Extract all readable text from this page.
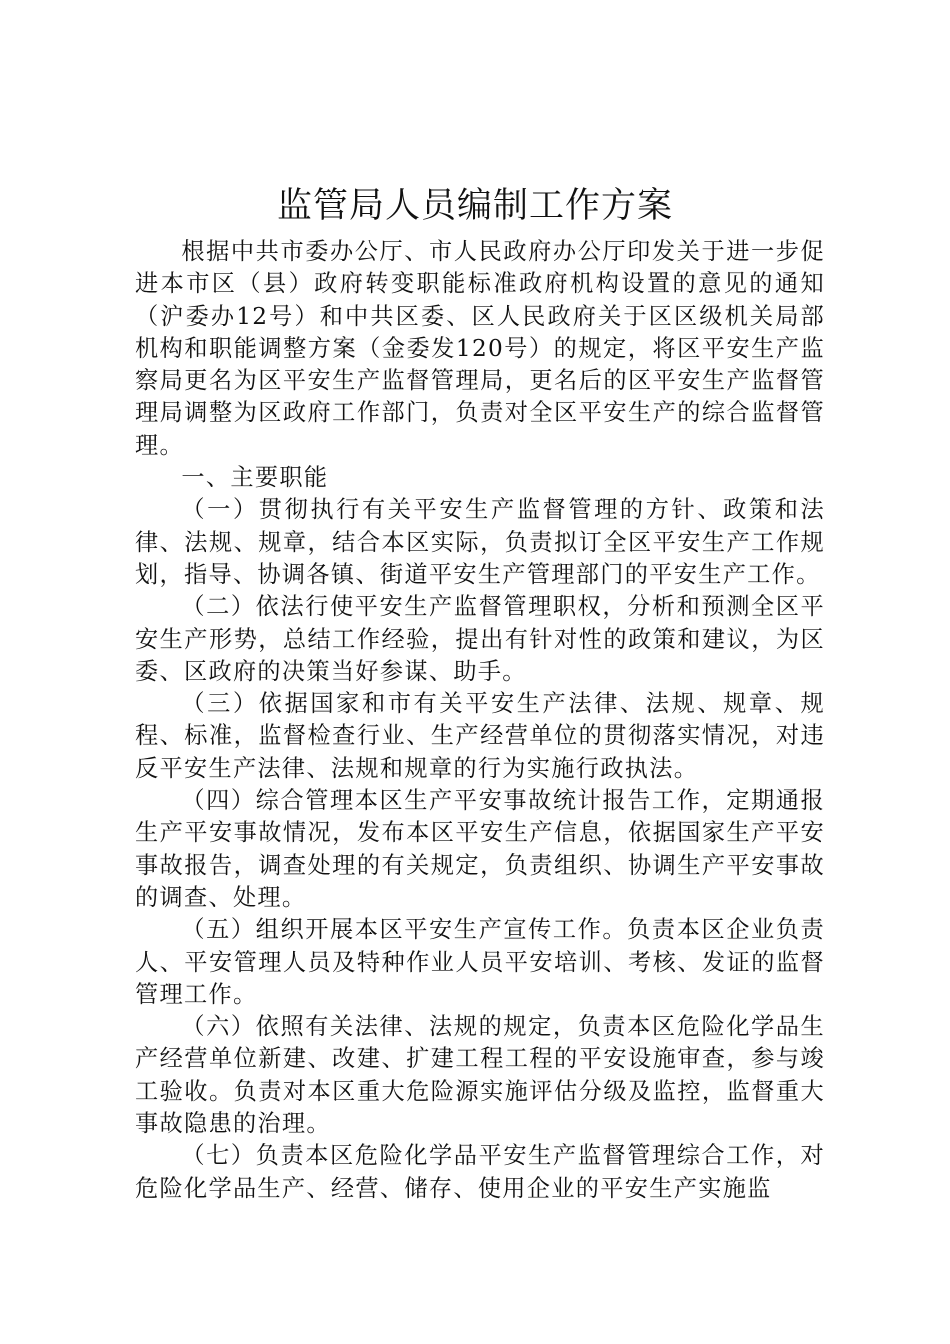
监管局人员编制工作方案

根据中共市委办公厅、市人民政府办公厅印发关于进一步促进本市区（县）政府转变职能标准政府机构设置的意见的通知（沪委办12号）和中共区委、区人民政府关于区区级机关局部机构和职能调整方案（金委发120号）的规定，将区平安生产监察局更名为区平安生产监督管理局，更名后的区平安生产监督管理局调整为区政府工作部门，负责对全区平安生产的综合监督管理。

一、主要职能

（一）贯彻执行有关平安生产监督管理的方针、政策和法律、法规、规章，结合本区实际，负责拟订全区平安生产工作规划，指导、协调各镇、街道平安生产管理部门的平安生产工作。

（二）依法行使平安生产监督管理职权，分析和预测全区平安生产形势，总结工作经验，提出有针对性的政策和建议，为区委、区政府的决策当好参谋、助手。

（三）依据国家和市有关平安生产法律、法规、规章、规程、标准，监督检查行业、生产经营单位的贯彻落实情况，对违反平安生产法律、法规和规章的行为实施行政执法。

（四）综合管理本区生产平安事故统计报告工作，定期通报生产平安事故情况，发布本区平安生产信息，依据国家生产平安事故报告，调查处理的有关规定，负责组织、协调生产平安事故的调查、处理。

（五）组织开展本区平安生产宣传工作。负责本区企业负责人、平安管理人员及特种作业人员平安培训、考核、发证的监督管理工作。

（六）依照有关法律、法规的规定，负责本区危险化学品生产经营单位新建、改建、扩建工程工程的平安设施审查，参与竣工验收。负责对本区重大危险源实施评估分级及监控，监督重大事故隐患的治理。

（七）负责本区危险化学品平安生产监督管理综合工作，对危险化学品生产、经营、储存、使用企业的平安生产实施监
